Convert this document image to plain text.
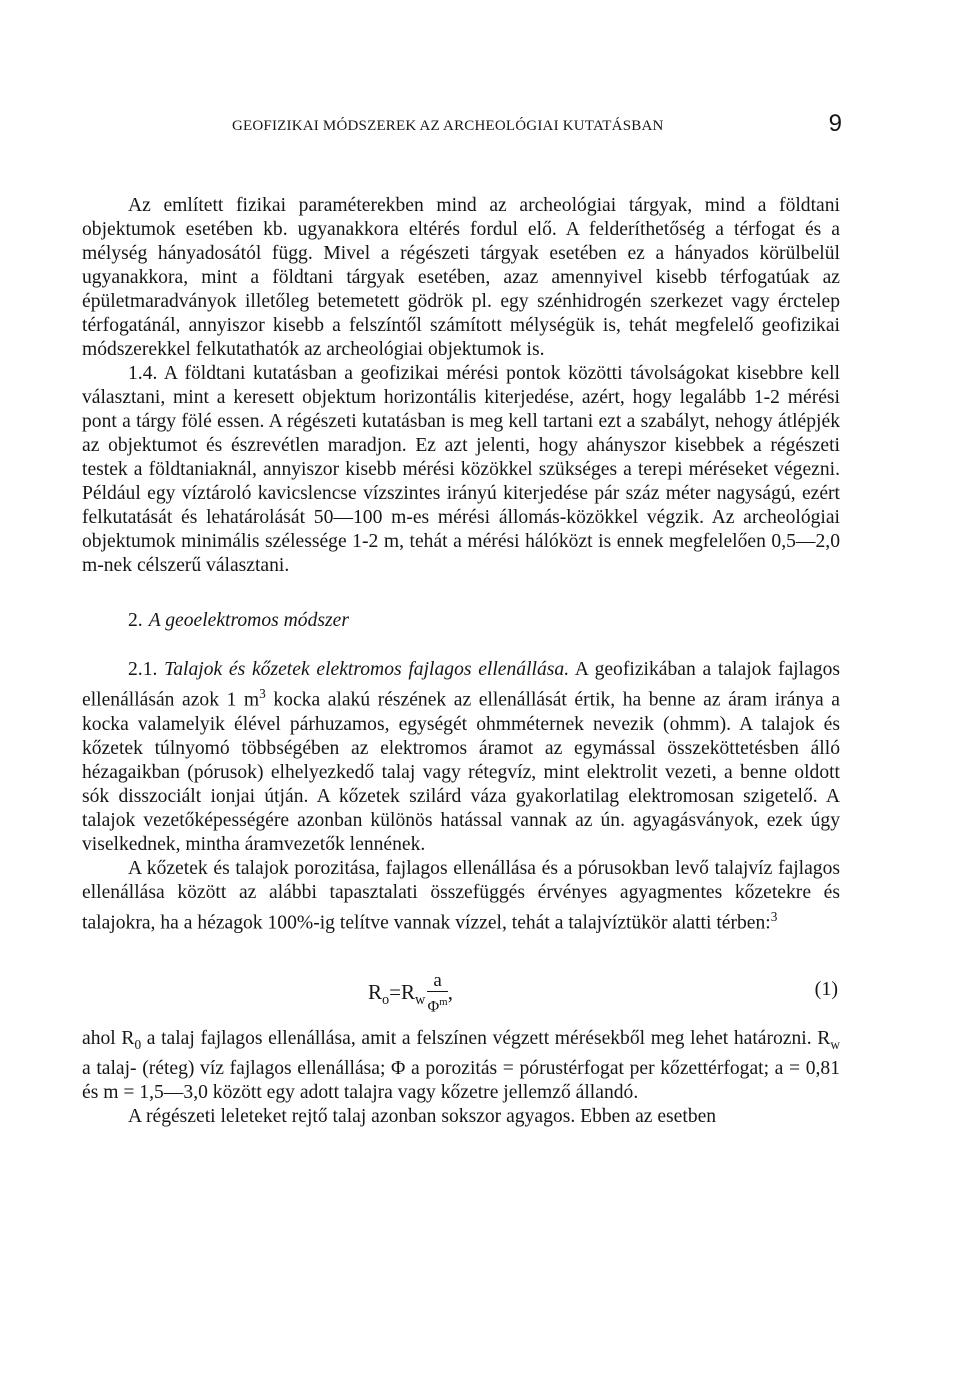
GEOFIZIKAI MÓDSZEREK AZ ARCHEOLÓGIAI KUTATÁSBAN	9

Az említett fizikai paraméterekben mind az archeológiai tárgyak, mind a földtani objektumok esetében kb. ugyanakkora eltérés fordul elő. A felderíthetőség a térfogat és a mélység hányadosától függ. Mivel a régészeti tárgyak esetében ez a hányados körülbelül ugyanakkora, mint a földtani tárgyak esetében, azaz amennyivel kisebb térfogatúak az épületmaradványok illetőleg betemetett gödrök pl. egy szénhidrogén szerkezet vagy érctelep térfogatánál, annyiszor kisebb a felszíntől számított mélységük is, tehát megfelelő geofizikai módszerekkel felkutathatók az archeológiai objektumok is.

1.4. A földtani kutatásban a geofizikai mérési pontok közötti távolságokat kisebbre kell választani, mint a keresett objektum horizontális kiterjedése, azért, hogy legalább 1-2 mérési pont a tárgy fölé essen. A régészeti kutatásban is meg kell tartani ezt a szabályt, nehogy átlépjék az objektumot és észrevétlen maradjon. Ez azt jelenti, hogy ahányszor kisebbek a régészeti testek a földtaniaknál, annyiszor kisebb mérési közökkel szükséges a terepi méréseket végezni. Például egy víztároló kavicslencse vízszintes irányú kiterjedése pár száz méter nagyságú, ezért felkutatását és lehatárolását 50—100 m-es mérési állomás-közökkel végzik. Az archeológiai objektumok minimális szélessége 1-2 m, tehát a mérési hálóközt is ennek megfelelően 0,5—2,0 m-nek célszerű választani.

2. A geoelektromos módszer

2.1. Talajok és kőzetek elektromos fajlagos ellenállása. A geofizikában a talajok fajlagos ellenállásán azok 1 $m^3$ kocka alakú részének az ellenállását értik, ha benne az áram iránya a kocka valamelyik élével párhuzamos, egységét ohmméternek nevezik (ohmm). A talajok és kőzetek túlnyomó többségében az elektromos áramot az egymással összeköttetésben álló hézagaikban (pórusok) elhelyezkedő talaj vagy rétegvíz, mint elektrolit vezeti, a benne oldott sók disszociált ionjai útján. A kőzetek szilárd váza gyakorlatilag elektromosan szigetelő. A talajok vezetőképességére azonban különös hatással vannak az ún. agyagásványok, ezek úgy viselkednek, mintha áramvezetők lennének.

A kőzetek és talajok porozitása, fajlagos ellenállása és a pórusokban levő talajvíz fajlagos ellenállása között az alábbi tapasztalati összefüggés érvényes agyagmentes kőzetekre és talajokra, ha a hézagok 100%-ig telítve vannak vízzel, tehát a talajvíztükör alatti térben:$^3$

$R_o=R_w \frac{a}{\Phi^m}$ ,	(1)

ahol $R_0$ a talaj fajlagos ellenállása, amit a felszínen végzett mérésekből meg lehet határozni. $R_w$ a talaj- (réteg) víz fajlagos ellenállása; Φ a porozitás = pórustérfogat per kőzettérfogat; a = 0,81 és m = 1,5—3,0 között egy adott talajra vagy kőzetre jellemző állandó.

A régészeti leleteket rejtő talaj azonban sokszor agyagos. Ebben az esetben
